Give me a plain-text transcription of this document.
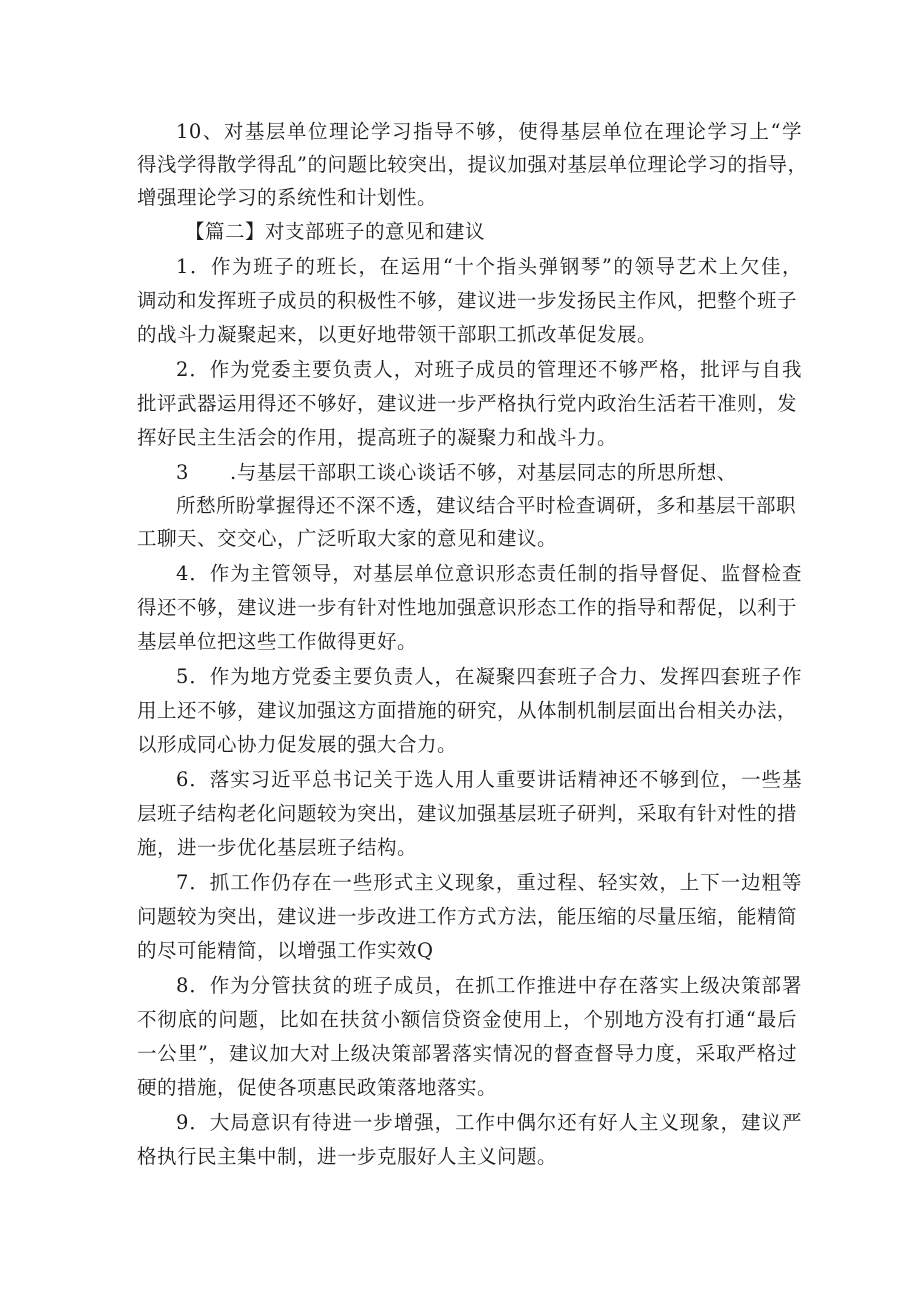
10、对基层单位理论学习指导不够，使得基层单位在理论学习上“学

得浅学得散学得乱”的问题比较突出，提议加强对基层单位理论学习的指导，

增强理论学习的系统性和计划性。

【篇二】对支部班子的意见和建议

1．作为班子的班长，在运用“十个指头弹钢琴”的领导艺术上欠佳，

调动和发挥班子成员的积极性不够，建议进一步发扬民主作风，把整个班子

的战斗力凝聚起来，以更好地带领干部职工抓改革促发展。

2．作为党委主要负责人，对班子成员的管理还不够严格，批评与自我

批评武器运用得还不够好，建议进一步严格执行党内政治生活若干准则，发

挥好民主生活会的作用，提高班子的凝聚力和战斗力。

3 .与基层干部职工谈心谈话不够，对基层同志的所思所想、

所愁所盼掌握得还不深不透，建议结合平时检查调研，多和基层干部职

工聊天、交交心，广泛听取大家的意见和建议。

4．作为主管领导，对基层单位意识形态责任制的指导督促、监督检查

得还不够，建议进一步有针对性地加强意识形态工作的指导和帮促，以利于

基层单位把这些工作做得更好。

5．作为地方党委主要负责人，在凝聚四套班子合力、发挥四套班子作

用上还不够，建议加强这方面措施的研究，从体制机制层面出台相关办法，

以形成同心协力促发展的强大合力。

6．落实习近平总书记关于选人用人重要讲话精神还不够到位，一些基

层班子结构老化问题较为突出，建议加强基层班子研判，采取有针对性的措

施，进一步优化基层班子结构。

7．抓工作仍存在一些形式主义现象，重过程、轻实效，上下一边粗等

问题较为突出，建议进一步改进工作方式方法，能压缩的尽量压缩，能精简

的尽可能精简，以增强工作实效Q

8．作为分管扶贫的班子成员，在抓工作推进中存在落实上级决策部署

不彻底的问题，比如在扶贫小额信贷资金使用上，个别地方没有打通“最后

一公里”，建议加大对上级决策部署落实情况的督查督导力度，采取严格过

硬的措施，促使各项惠民政策落地落实。

9．大局意识有待进一步增强，工作中偶尔还有好人主义现象，建议严

格执行民主集中制，进一步克服好人主义问题。
